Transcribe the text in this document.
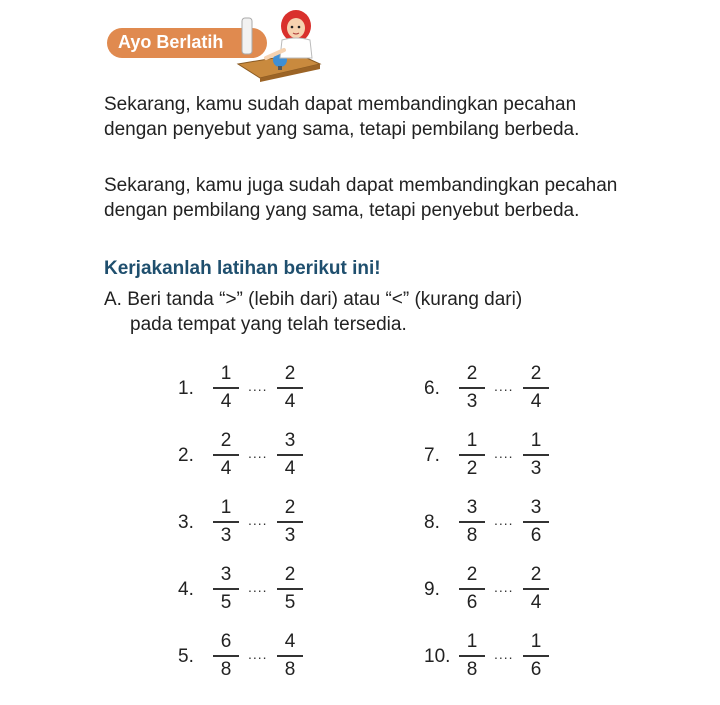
Ayo Berlatih
Sekarang, kamu sudah dapat membandingkan pecahan dengan penyebut yang sama, tetapi pembilang berbeda.
Sekarang, kamu juga sudah dapat membandingkan pecahan dengan pembilang yang sama, tetapi penyebut berbeda.
Kerjakanlah latihan berikut ini!
A. Beri tanda “>” (lebih dari) atau “<” (kurang dari)
pada tempat yang telah tersedia.
1.
1
4
....
2
4
2.
2
4
....
3
4
3.
1
3
....
2
3
4.
3
5
....
2
5
5.
6
8
....
4
8
6.
2
3
....
2
4
7.
1
2
....
1
3
8.
3
8
....
3
6
9.
2
6
....
2
4
10.
1
8
....
1
6
